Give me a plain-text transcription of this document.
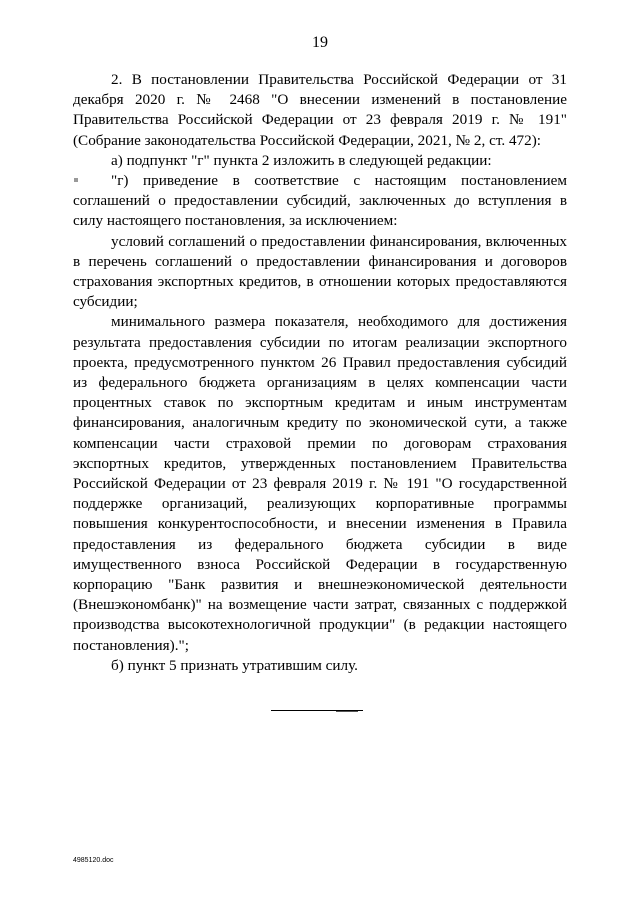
19

2. В постановлении Правительства Российской Федерации от 31 декабря 2020 г. № 2468 "О внесении изменений в постановление Правительства Российской Федерации от 23 февраля 2019 г. № 191" (Собрание законодательства Российской Федерации, 2021, № 2, ст. 472):

а) подпункт "г" пункта 2 изложить в следующей редакции:

"г) приведение в соответствие с настоящим постановлением соглашений о предоставлении субсидий, заключенных до вступления в силу настоящего постановления, за исключением:

условий соглашений о предоставлении финансирования, включенных в перечень соглашений о предоставлении финансирования и договоров страхования экспортных кредитов, в отношении которых предоставляются субсидии;

минимального размера показателя, необходимого для достижения результата предоставления субсидии по итогам реализации экспортного проекта, предусмотренного пунктом 26 Правил предоставления субсидий из федерального бюджета организациям в целях компенсации части процентных ставок по экспортным кредитам и иным инструментам финансирования, аналогичным кредиту по экономической сути, а также компенсации части страховой премии по договорам страхования экспортных кредитов, утвержденных постановлением Правительства Российской Федерации от 23 февраля 2019 г. № 191 "О государственной поддержке организаций, реализующих корпоративные программы повышения конкурентоспособности, и внесении изменения в Правила предоставления из федерального бюджета субсидии в виде имущественного взноса Российской Федерации в государственную корпорацию "Банк развития и внешнеэкономической деятельности (Внешэкономбанк)" на возмещение части затрат, связанных с поддержкой производства высокотехнологичной продукции" (в редакции настоящего постановления).";

б) пункт 5 признать утратившим силу.

4985120.doc
